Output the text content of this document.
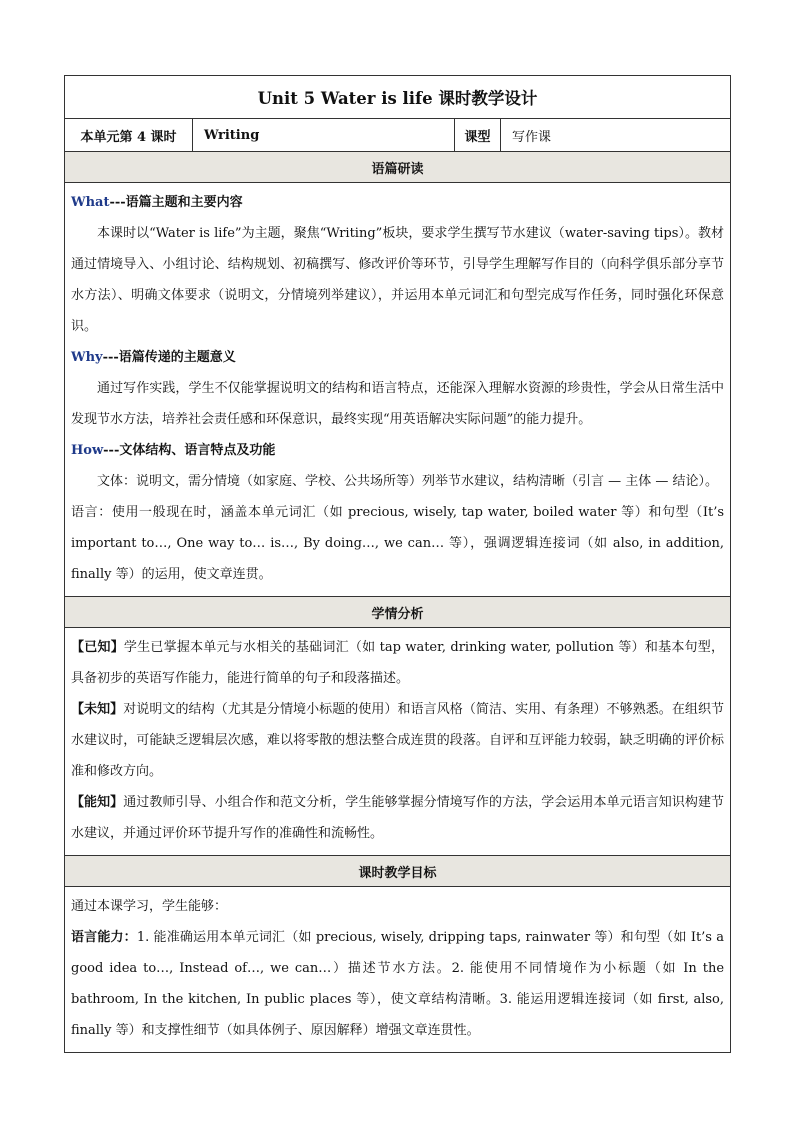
Unit 5 Water is life 课时教学设计
本单元第 4 课时	Writing	课型	写作课
语篇研读

What---语篇主题和主要内容

本课时以“Water is life”为主题，聚焦“Writing”板块，要求学生撰写节水建议（water-saving tips）。教材通过情境导入、小组讨论、结构规划、初稿撰写、修改评价等环节，引导学生理解写作目的（向科学俱乐部分享节水方法）、明确文体要求（说明文，分情境列举建议），并运用本单元词汇和句型完成写作任务，同时强化环保意识。

Why---语篇传递的主题意义

通过写作实践，学生不仅能掌握说明文的结构和语言特点，还能深入理解水资源的珍贵性，学会从日常生活中发现节水方法，培养社会责任感和环保意识，最终实现“用英语解决实际问题”的能力提升。

How---文体结构、语言特点及功能

文体：说明文，需分情境（如家庭、学校、公共场所等）列举节水建议，结构清晰（引言 — 主体 — 结论）。

语言：使用一般现在时，涵盖本单元词汇（如 precious, wisely, tap water, boiled water 等）和句型（It’s important to…, One way to… is…, By doing…, we can… 等），强调逻辑连接词（如 also, in addition, finally 等）的运用，使文章连贯。

学情分析

【已知】学生已掌握本单元与水相关的基础词汇（如 tap water, drinking water, pollution 等）和基本句型，具备初步的英语写作能力，能进行简单的句子和段落描述。

【未知】对说明文的结构（尤其是分情境小标题的使用）和语言风格（简洁、实用、有条理）不够熟悉。在组织节水建议时，可能缺乏逻辑层次感，难以将零散的想法整合成连贯的段落。自评和互评能力较弱，缺乏明确的评价标准和修改方向。

【能知】通过教师引导、小组合作和范文分析，学生能够掌握分情境写作的方法，学会运用本单元语言知识构建节水建议，并通过评价环节提升写作的准确性和流畅性。

课时教学目标

通过本课学习，学生能够：

语言能力：1. 能准确运用本单元词汇（如 precious, wisely, dripping taps, rainwater 等）和句型（如 It’s a good idea to…, Instead of…, we can…）描述节水方法。2. 能使用不同情境作为小标题（如 In the bathroom, In the kitchen, In public places 等），使文章结构清晰。3. 能运用逻辑连接词（如 first, also, finally 等）和支撑性细节（如具体例子、原因解释）增强文章连贯性。
